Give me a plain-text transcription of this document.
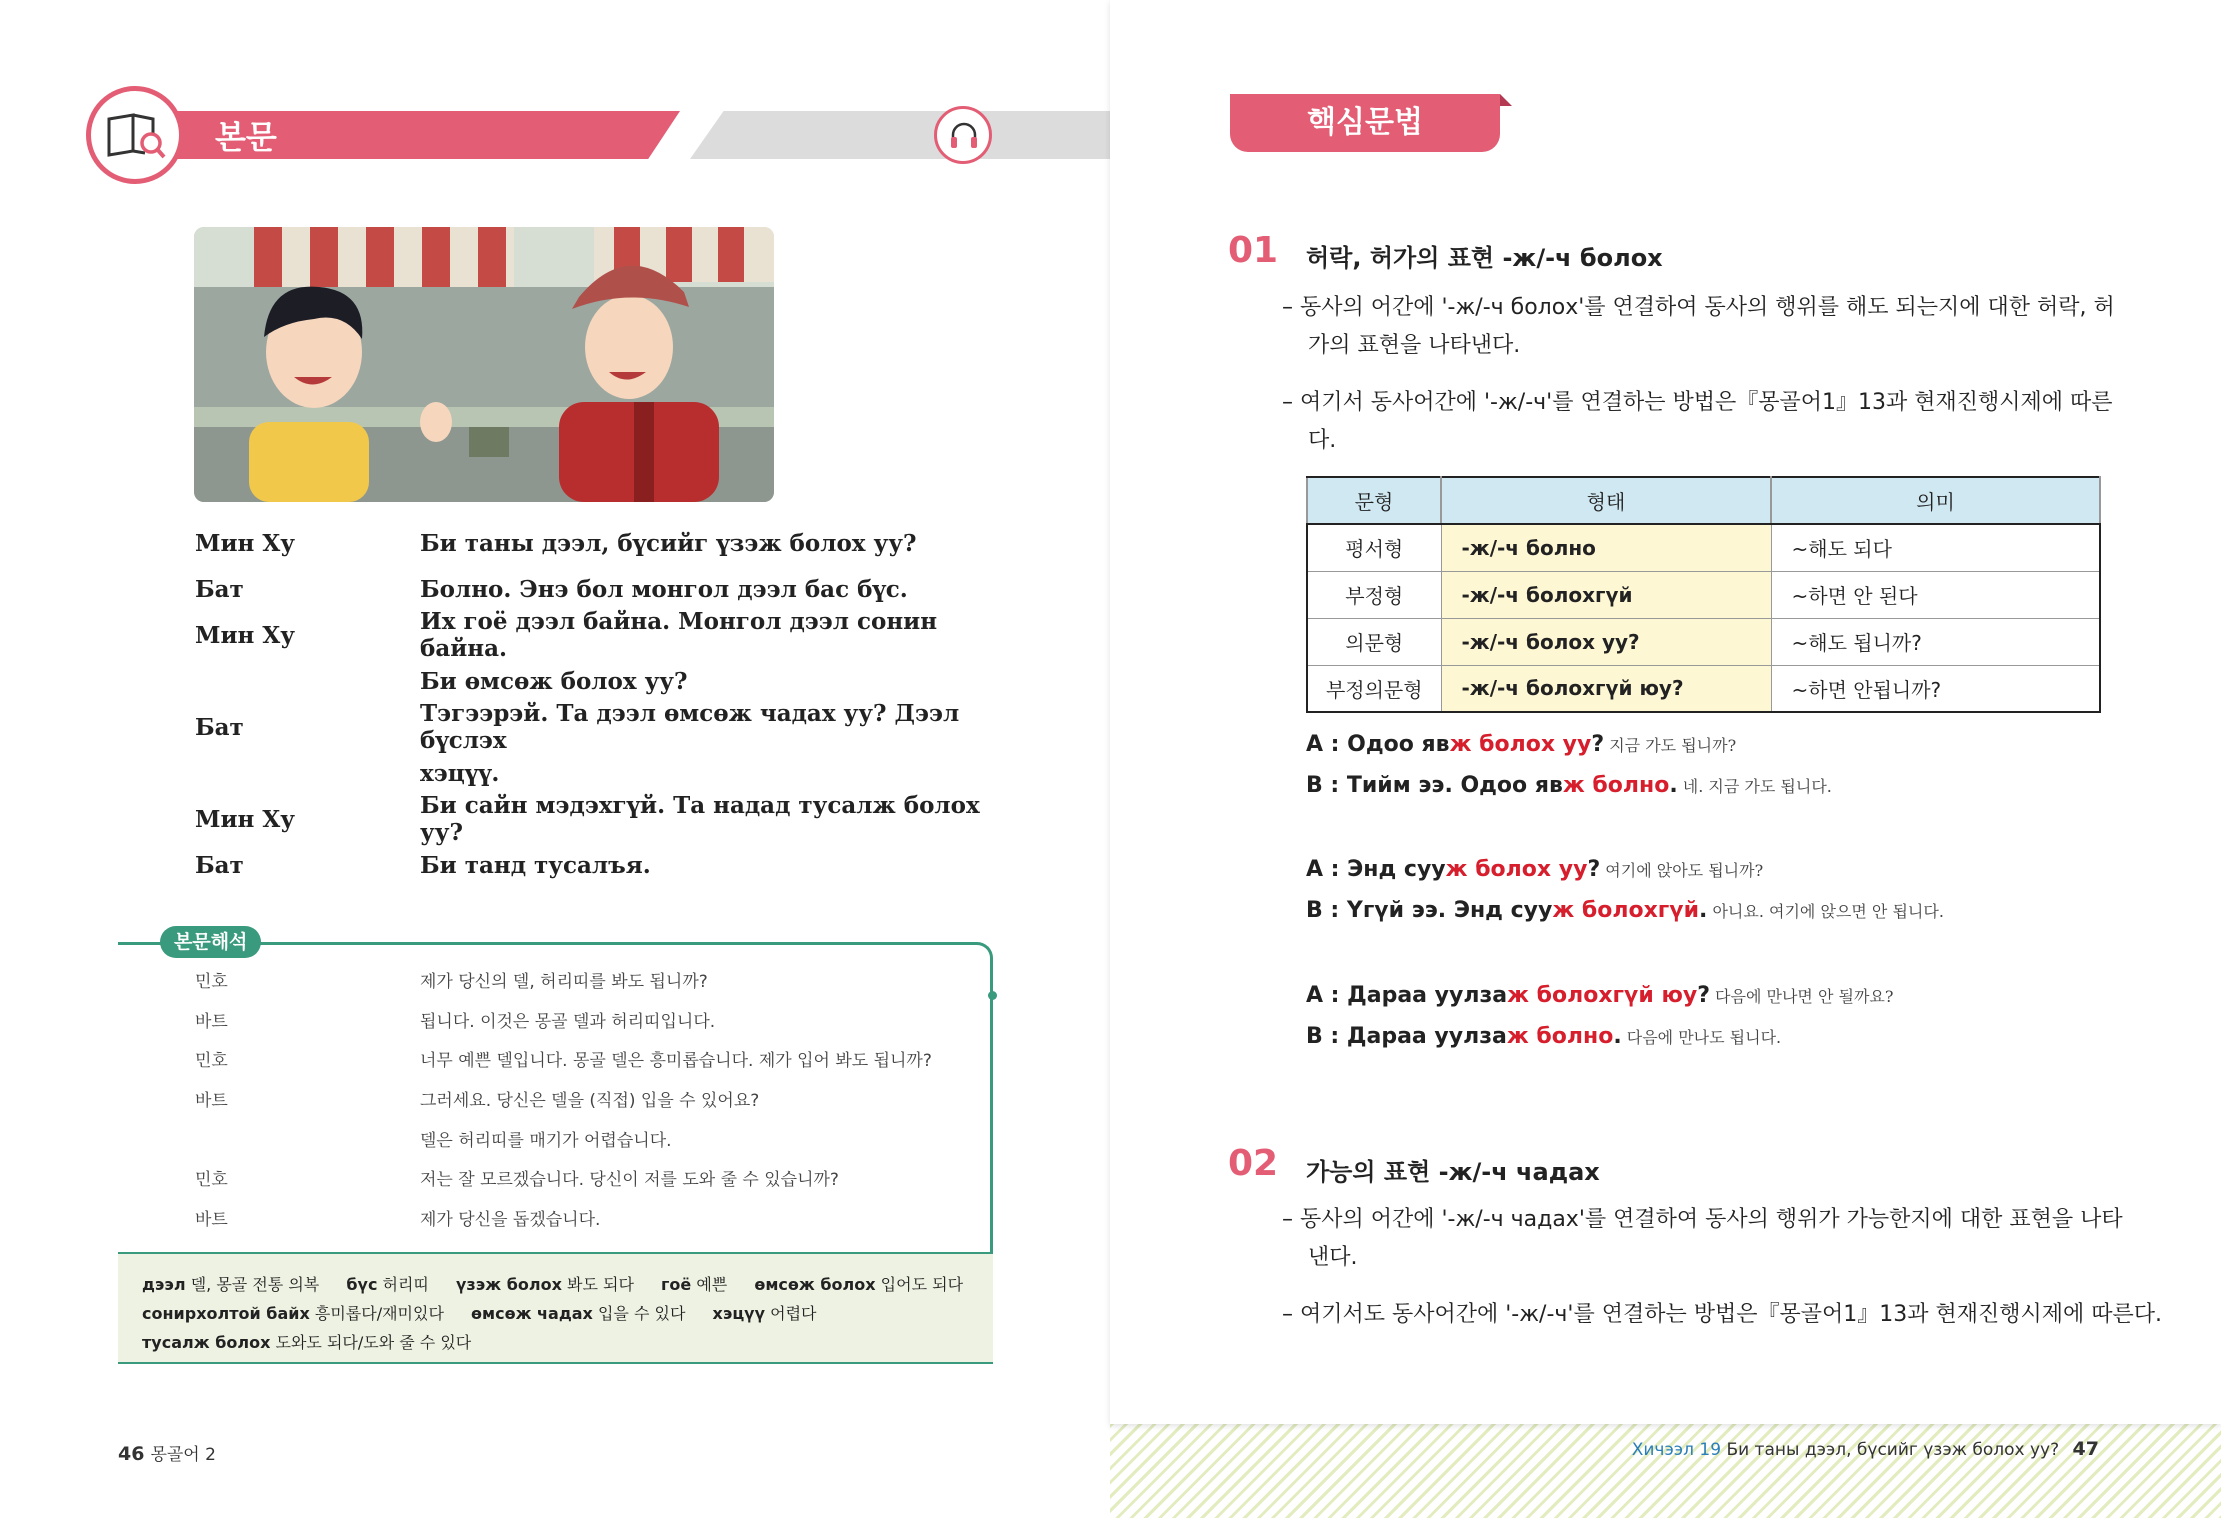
본문
Мин Ху	Би таны дээл, бүсийг үзэж болох уу?
Бат	Болно. Энэ бол монгол дээл бас бүс.
Мин Ху	Их гоё дээл байна. Монгол дээл сонин байна.
Би өмсөж болох уу?
Бат	Тэгээрэй. Та дээл өмсөж чадах уу? Дээл бүслэх
хэцүү.
Мин Ху	Би сайн мэдэхгүй. Та надад тусалж болох уу?
Бат	Би танд тусалъя.
본문해석
민호	제가 당신의 델, 허리띠를 봐도 됩니까?
바트	됩니다. 이것은 몽골 델과 허리띠입니다.
민호	너무 예쁜 델입니다. 몽골 델은 흥미롭습니다. 제가 입어 봐도 됩니까?
바트	그러세요. 당신은 델을 (직접) 입을 수 있어요?
델은 허리띠를 매기가 어렵습니다.
민호	저는 잘 모르겠습니다. 당신이 저를 도와 줄 수 있습니까?
바트	제가 당신을 돕겠습니다.
дээл 델, 몽골 전통 의복 бүс 허리띠 үзэж болох 봐도 되다 гоё 예쁜 өмсөж болох 입어도 되다
сонирхолтой байх 흥미롭다/재미있다 өмсөж чадах 입을 수 있다 хэцүү 어렵다
тусалж болох 도와도 되다/도와 줄 수 있다
46 몽골어 2
핵심문법
01 허락, 허가의 표현 -ж/-ч болох
– 동사의 어간에 '-ж/-ч болох'를 연결하여 동사의 행위를 해도 되는지에 대한 허락, 허
가의 표현을 나타낸다.
– 여기서 동사어간에 '-ж/-ч'를 연결하는 방법은『몽골어1』13과 현재진행시제에 따른
다.
문형	형태	의미
평서형	-ж/-ч болно	~해도 되다
부정형	-ж/-ч болохгүй	~하면 안 된다
의문형	-ж/-ч болох уу?	~해도 됩니까?
부정의문형	-ж/-ч болохгүй юу?	~하면 안됩니까?
A : Одоо явж болох уу? 지금 가도 됩니까?
B : Тийм ээ. Одоо явж болно. 네. 지금 가도 됩니다.
A : Энд сууж болох уу? 여기에 앉아도 됩니까?
B : Үгүй ээ. Энд сууж болохгүй. 아니요. 여기에 앉으면 안 됩니다.
A : Дараа уулзаж болохгүй юу? 다음에 만나면 안 될까요?
B : Дараа уулзаж болно. 다음에 만나도 됩니다.
02 가능의 표현 -ж/-ч чадах
– 동사의 어간에 '-ж/-ч чадах'를 연결하여 동사의 행위가 가능한지에 대한 표현을 나타
낸다.
– 여기서도 동사어간에 '-ж/-ч'를 연결하는 방법은『몽골어1』13과 현재진행시제에 따른다.
Хичээл 19 Би таны дээл, бүсийг үзэж болох уу? 47
